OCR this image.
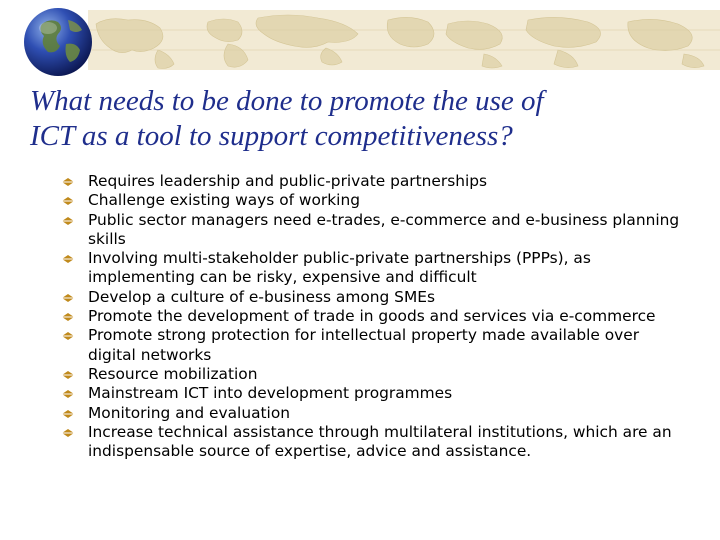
What needs to be done to promote the use of
ICT as a tool to support competitiveness?
Requires leadership and public-private partnerships
Challenge existing ways of working
Public sector managers need e-trades, e-commerce and e-business planning skills
Involving multi-stakeholder public-private partnerships (PPPs), as implementing can be risky, expensive and difficult
Develop a culture of e-business among SMEs
Promote the development of trade in goods and services via e-commerce
Promote strong protection for intellectual property made available over digital networks
Resource mobilization
Mainstream ICT into development programmes
Monitoring and evaluation
Increase technical assistance through multilateral institutions, which are an indispensable source of expertise, advice and assistance.
